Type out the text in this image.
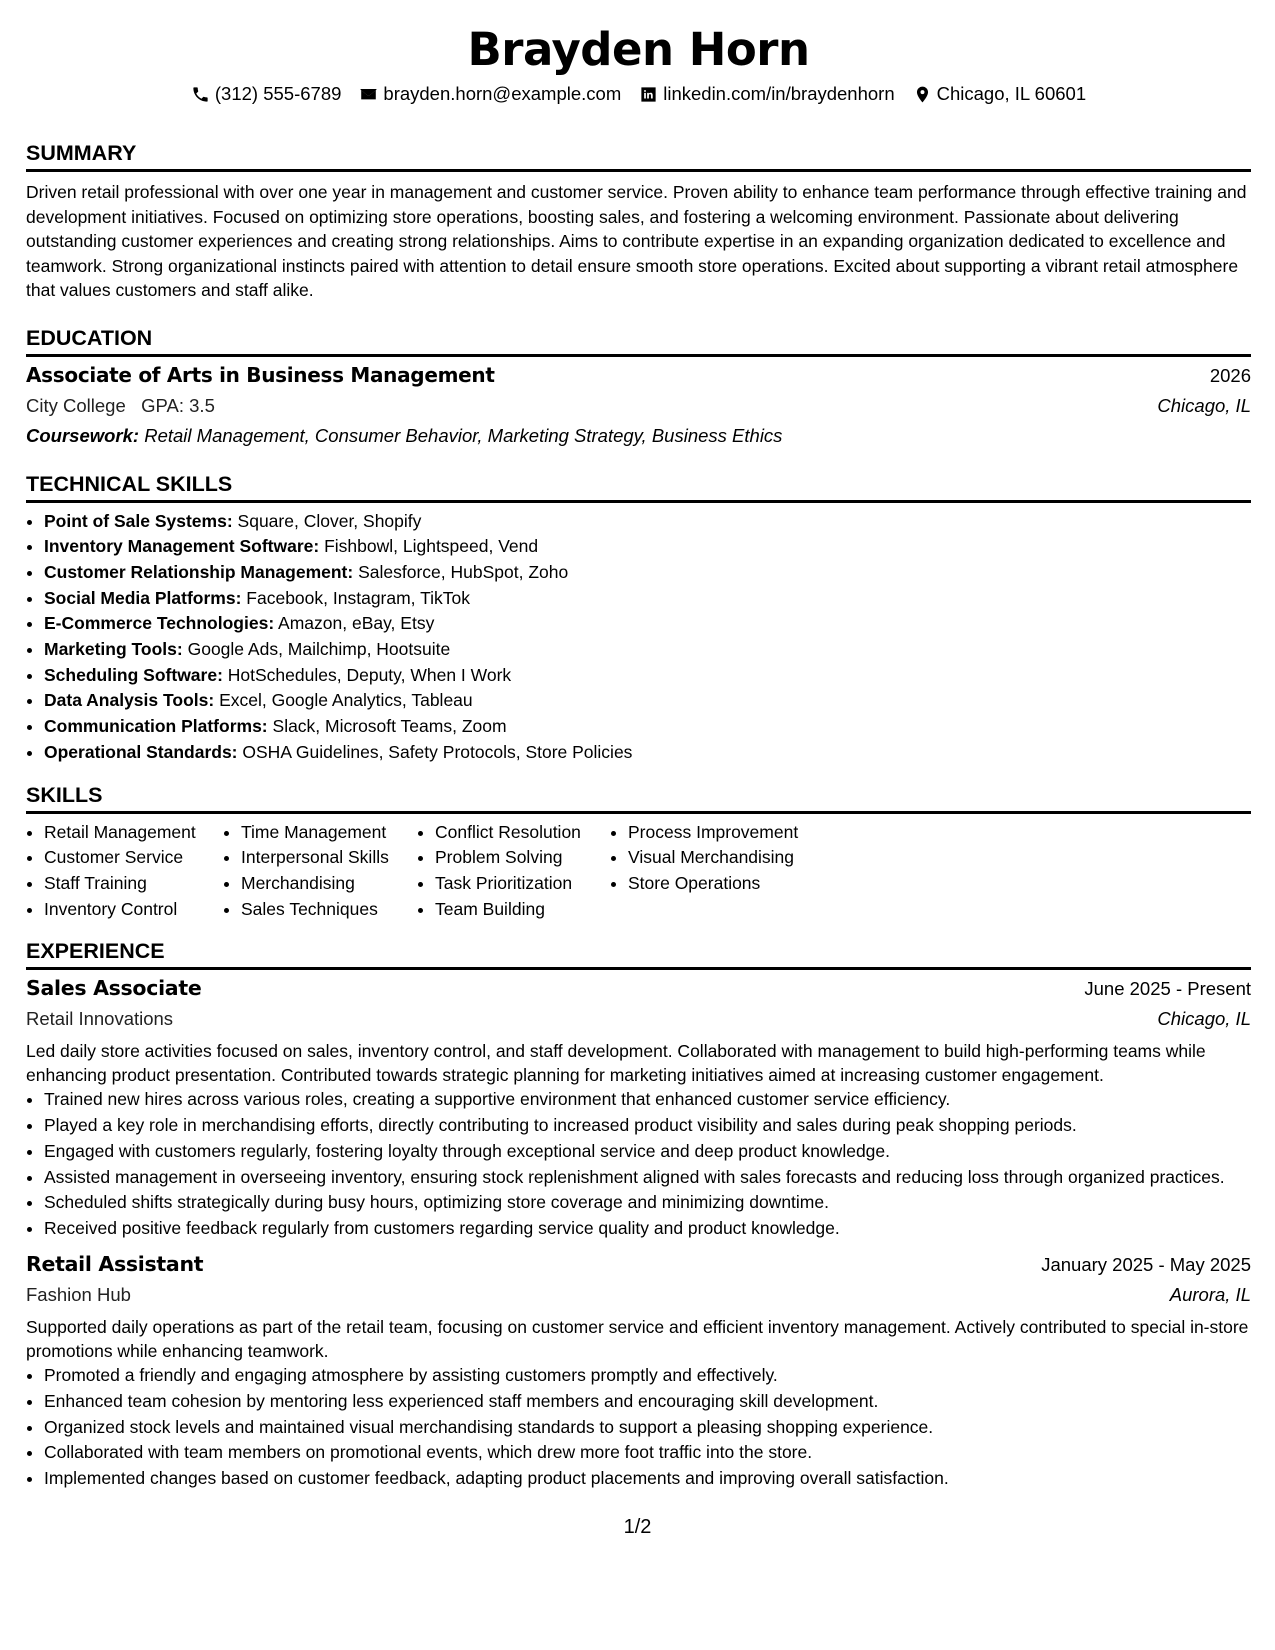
Brayden Horn
(312) 555-6789 brayden.horn@example.com linkedin.com/in/braydenhorn Chicago, IL 60601
SUMMARY
Driven retail professional with over one year in management and customer service. Proven ability to enhance team performance through effective training and development initiatives. Focused on optimizing store operations, boosting sales, and fostering a welcoming environment. Passionate about delivering outstanding customer experiences and creating strong relationships. Aims to contribute expertise in an expanding organization dedicated to excellence and teamwork. Strong organizational instincts paired with attention to detail ensure smooth store operations. Excited about supporting a vibrant retail atmosphere that values customers and staff alike.
EDUCATION
Associate of Arts in Business Management	2026
City College GPA: 3.5	Chicago, IL
Coursework: Retail Management, Consumer Behavior, Marketing Strategy, Business Ethics
TECHNICAL SKILLS
• Point of Sale Systems: Square, Clover, Shopify
• Inventory Management Software: Fishbowl, Lightspeed, Vend
• Customer Relationship Management: Salesforce, HubSpot, Zoho
• Social Media Platforms: Facebook, Instagram, TikTok
• E-Commerce Technologies: Amazon, eBay, Etsy
• Marketing Tools: Google Ads, Mailchimp, Hootsuite
• Scheduling Software: HotSchedules, Deputy, When I Work
• Data Analysis Tools: Excel, Google Analytics, Tableau
• Communication Platforms: Slack, Microsoft Teams, Zoom
• Operational Standards: OSHA Guidelines, Safety Protocols, Store Policies
SKILLS
• Retail Management
• Customer Service
• Staff Training
• Inventory Control
• Time Management
• Interpersonal Skills
• Merchandising
• Sales Techniques
• Conflict Resolution
• Problem Solving
• Task Prioritization
• Team Building
• Process Improvement
• Visual Merchandising
• Store Operations
EXPERIENCE
Sales Associate	June 2025 - Present
Retail Innovations	Chicago, IL
Led daily store activities focused on sales, inventory control, and staff development. Collaborated with management to build high-performing teams while enhancing product presentation. Contributed towards strategic planning for marketing initiatives aimed at increasing customer engagement.
• Trained new hires across various roles, creating a supportive environment that enhanced customer service efficiency.
• Played a key role in merchandising efforts, directly contributing to increased product visibility and sales during peak shopping periods.
• Engaged with customers regularly, fostering loyalty through exceptional service and deep product knowledge.
• Assisted management in overseeing inventory, ensuring stock replenishment aligned with sales forecasts and reducing loss through organized practices.
• Scheduled shifts strategically during busy hours, optimizing store coverage and minimizing downtime.
• Received positive feedback regularly from customers regarding service quality and product knowledge.
Retail Assistant	January 2025 - May 2025
Fashion Hub	Aurora, IL
Supported daily operations as part of the retail team, focusing on customer service and efficient inventory management. Actively contributed to special in-store promotions while enhancing teamwork.
• Promoted a friendly and engaging atmosphere by assisting customers promptly and effectively.
• Enhanced team cohesion by mentoring less experienced staff members and encouraging skill development.
• Organized stock levels and maintained visual merchandising standards to support a pleasing shopping experience.
• Collaborated with team members on promotional events, which drew more foot traffic into the store.
• Implemented changes based on customer feedback, adapting product placements and improving overall satisfaction.
1/2
